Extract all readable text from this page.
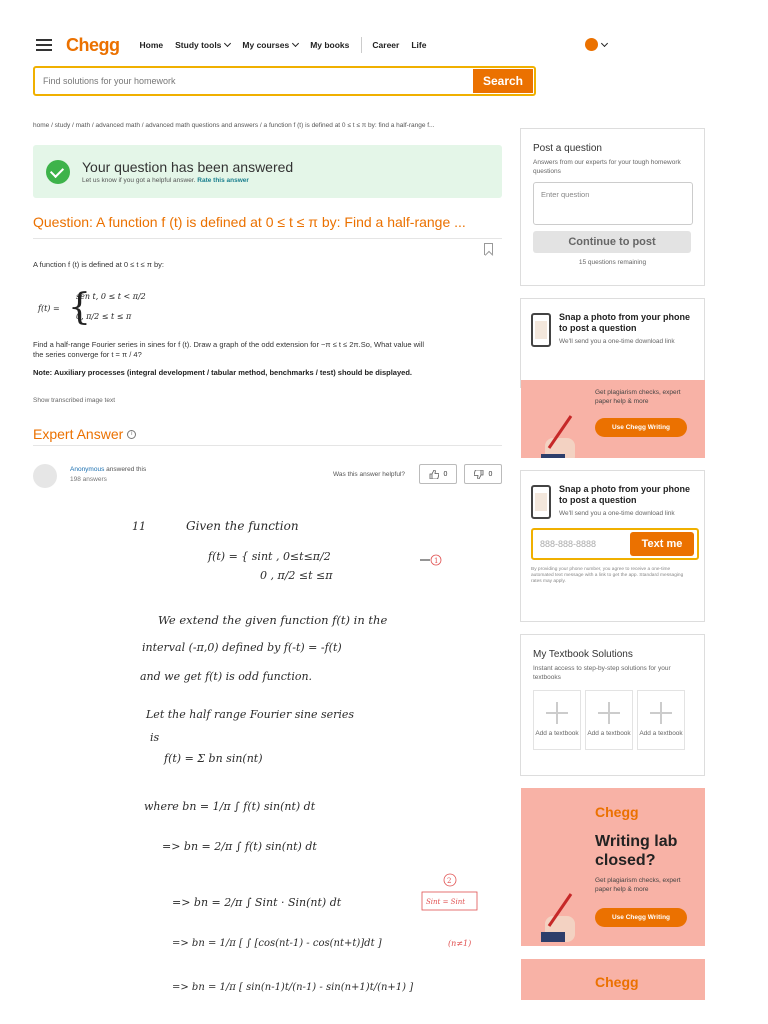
Chegg Home Study tools My courses My books	Career Life
Find solutions for your homework
Search
home / study / math / advanced math / advanced math questions and answers / a function f (t) is defined at 0 ≤ t ≤ π by: find a half-range f...
Your question has been answered
Let us know if you got a helpful answer. Rate this answer
Question: A function f (t) is defined at 0 ≤ t ≤ π by: Find a half-range ...
A function f (t) is defined at 0 ≤ t ≤ π by:
f(t) = {
sen t, 0 ≤ t < π/2
0, π/2 ≤ t ≤ π
Find a half-range Fourier series in sines for f (t). Draw a graph of the odd extension for −π ≤ t ≤ 2π.So, What value will the series converge for t = π / 4?
Note: Auxiliary processes (integral development / tabular method, benchmarks / test) should be displayed.
Show transcribed image text
Expert Answer	i
Anonymous answered this
198 answers
Was this answer helpful?	0	0
11	Given the function
f(t) = { sint , 0≤t≤π/2
0 , π/2 ≤t ≤π
1
We extend the given function f(t) in the
interval (-π,0) defined by f(-t) = -f(t)
and we get f(t) is odd function.
Let the half range Fourier sine series
is
f(t) = Σ bn sin(nt)
where bn = 1/π ∫ f(t) sin(nt) dt
=> bn = 2/π ∫ f(t) sin(nt) dt
=> bn = 2/π ∫ Sint · Sin(nt) dt
2
Sint = Sint
=> bn = 1/π [ ∫ [cos(nt-1) - cos(nt+t)]dt ]	(n≠1)
=> bn = 1/π [ sin(n-1)t/(n-1) - sin(n+1)t/(n+1) ]
Post a question
Answers from our experts for your tough homework questions
Enter question
Continue to post
15 questions remaining
Snap a photo from your phone to post a question
We'll send you a one-time download link
Get plagiarism checks, expert paper help & more
Use Chegg Writing
Snap a photo from your phone to post a question
We'll send you a one-time download link
888-888-8888
Text me
By providing your phone number, you agree to receive a one-time automated text message with a link to get the app. Standard messaging rates may apply.
My Textbook Solutions
Instant access to step-by-step solutions for your textbooks
Add a textbook Add a textbook Add a textbook
Chegg
Writing lab closed?
Get plagiarism checks, expert paper help & more
Use Chegg Writing
Chegg
